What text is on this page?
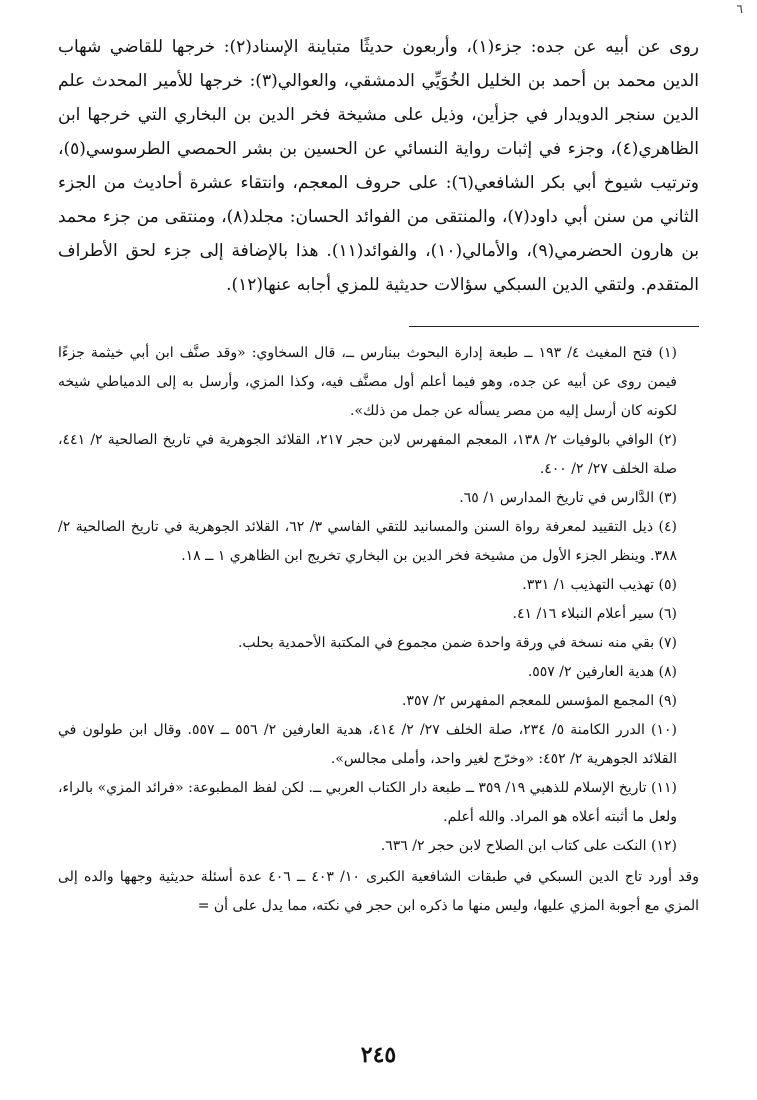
٦

روى عن أبيه عن جده: جزء(١)، وأربعون حديثًا متباينة الإسناد(٢): خرجها للقاضي شهاب الدين محمد بن أحمد بن الخليل الخُوَيِّي الدمشقي، والعوالي(٣): خرجها للأمير المحدث علم الدين سنجر الدويدار في جزأين، وذيل على مشيخة فخر الدين بن البخاري التي خرجها ابن الظاهري(٤)، وجزء في إثبات رواية النسائي عن الحسين بن بشر الحمصي الطرسوسي(٥)، وترتيب شيوخ أبي بكر الشافعي(٦): على حروف المعجم، وانتقاء عشرة أحاديث من الجزء الثاني من سنن أبي داود(٧)، والمنتقى من الفوائد الحسان: مجلد(٨)، ومنتقى من جزء محمد بن هارون الحضرمي(٩)، والأمالي(١٠)، والفوائد(١١). هذا بالإضافة إلى جزء لحق الأطراف المتقدم. ولتقي الدين السبكي سؤالات حديثية للمزي أجابه عنها(١٢).

(١) فتح المغيث ٤/ ١٩٣ ــ طبعة إدارة البحوث ببنارس ــ، قال السخاوي: «وقد صنَّف ابن أبي خيثمة جزءًا فيمن روى عن أبيه عن جده، وهو فيما أعلم أول مصنَّف فيه، وكذا المزي، وأرسل به إلى الدمياطي شيخه لكونه كان أرسل إليه من مصر يسأله عن جمل من ذلك».

(٢) الوافي بالوفيات ٢/ ١٣٨، المعجم المفهرس لابن حجر ٢١٧، القلائد الجوهرية في تاريخ الصالحية ٢/ ٤٤١، صلة الخلف ٢٧/ ٢/ ٤٠٠.

(٣) الدَّارس في تاريخ المدارس ١/ ٦٥.

(٤) ذيل التقييد لمعرفة رواة السنن والمسانيد للتقي الفاسي ٣/ ٦٢، القلائد الجوهرية في تاريخ الصالحية ٢/ ٣٨٨. وينظر الجزء الأول من مشيخة فخر الدين بن البخاري تخريج ابن الظاهري ١ ــ ١٨.

(٥) تهذيب التهذيب ١/ ٣٣١.

(٦) سير أعلام النبلاء ١٦/ ٤١.

(٧) بقي منه نسخة في ورقة واحدة ضمن مجموع في المكتبة الأحمدية بحلب.

(٨) هدية العارفين ٢/ ٥٥٧.

(٩) المجمع المؤسس للمعجم المفهرس ٢/ ٣٥٧.

(١٠) الدرر الكامنة ٥/ ٢٣٤، صلة الخلف ٢٧/ ٢/ ٤١٤، هدية العارفين ٢/ ٥٥٦ ــ ٥٥٧. وقال ابن طولون في القلائد الجوهرية ٢/ ٤٥٢: «وخرّج لغير واحد، وأملى مجالس».

(١١) تاريخ الإسلام للذهبي ١٩/ ٣٥٩ ــ طبعة دار الكتاب العربي ــ. لكن لفظ المطبوعة: «فرائد المزي» بالراء، ولعل ما أثبته أعلاه هو المراد. والله أعلم.

(١٢) النكت على كتاب ابن الصلاح لابن حجر ٢/ ٦٣٦.

وقد أورد تاج الدين السبكي في طبقات الشافعية الكبرى ١٠/ ٤٠٣ ــ ٤٠٦ عدة أسئلة حديثية وجهها والده إلى المزي مع أجوبة المزي عليها، وليس منها ما ذكره ابن حجر في نكته، مما يدل على أن =

٢٤٥
